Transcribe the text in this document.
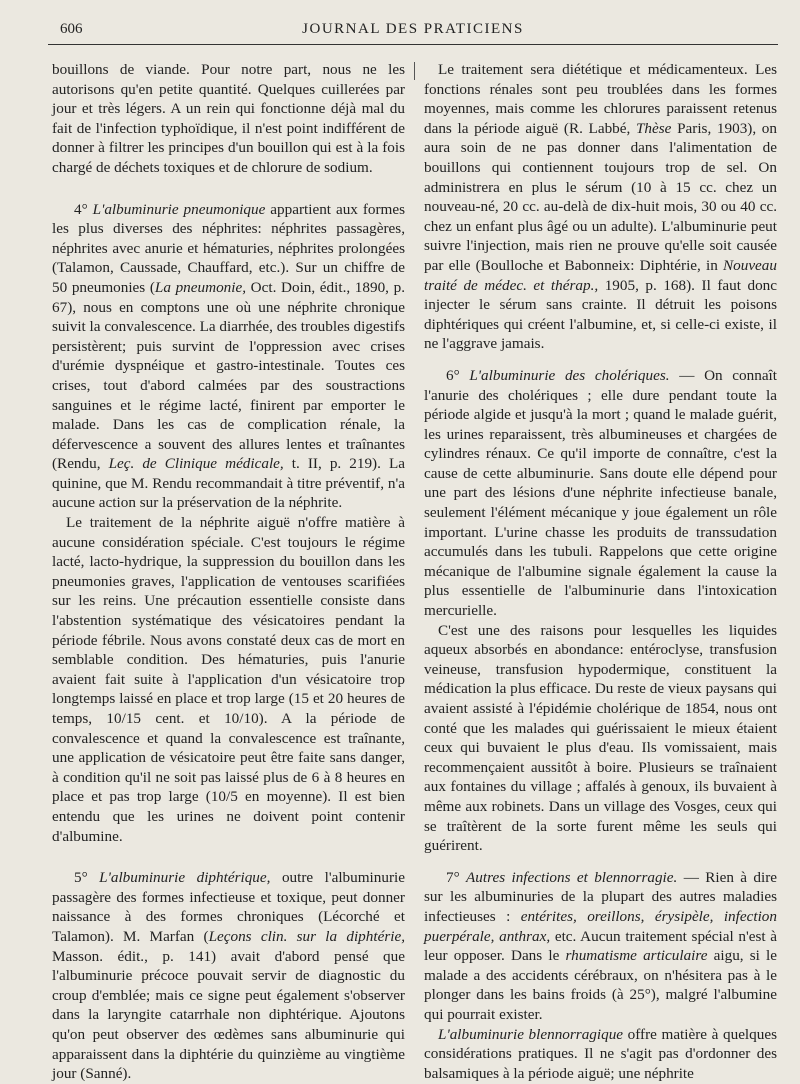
606	JOURNAL DES PRATICIENS

bouillons de viande. Pour notre part, nous ne les autorisons qu'en petite quantité. Quelques cuillerées par jour et très légers. A un rein qui fonctionne déjà mal du fait de l'infection typhoïdique, il n'est point indifférent de donner à filtrer les principes d'un bouillon qui est à la fois chargé de déchets toxiques et de chlorure de sodium.

4° L'albuminurie pneumonique appartient aux formes les plus diverses des néphrites: néphrites passagères, néphrites avec anurie et hématuries, néphrites prolongées (Talamon, Caussade, Chauffard, etc.). Sur un chiffre de 50 pneumonies (La pneumonie, Oct. Doin, édit., 1890, p. 67), nous en comptons une où une néphrite chronique suivit la convalescence. La diarrhée, des troubles digestifs persistèrent; puis survint de l'oppression avec crises d'urémie dyspnéique et gastro-intestinale. Toutes ces crises, tout d'abord calmées par des soustractions sanguines et le régime lacté, finirent par emporter le malade. Dans les cas de complication rénale, la défervescence a souvent des allures lentes et traînantes (Rendu, Leç. de Clinique médicale, t. II, p. 219). La quinine, que M. Rendu recommandait à titre préventif, n'a aucune action sur la préservation de la néphrite.

Le traitement de la néphrite aiguë n'offre matière à aucune considération spéciale. C'est toujours le régime lacté, lacto-hydrique, la suppression du bouillon dans les pneumonies graves, l'application de ventouses scarifiées sur les reins. Une précaution essentielle consiste dans l'abstention systématique des vésicatoires pendant la période fébrile. Nous avons constaté deux cas de mort en semblable condition. Des hématuries, puis l'anurie avaient fait suite à l'application d'un vésicatoire trop longtemps laissé en place et trop large (15 et 20 heures de temps, 10/15 cent. et 10/10). A la période de convalescence et quand la convalescence est traînante, une application de vésicatoire peut être faite sans danger, à condition qu'il ne soit pas laissé plus de 6 à 8 heures en place et pas trop large (10/5 en moyenne). Il est bien entendu que les urines ne doivent point contenir d'albumine.

5° L'albuminurie diphtérique, outre l'albuminurie passagère des formes infectieuse et toxique, peut donner naissance à des formes chroniques (Lécorché et Talamon). M. Marfan (Leçons clin. sur la diphtérie, Masson. édit., p. 141) avait d'abord pensé que l'albuminurie précoce pouvait servir de diagnostic du croup d'emblée; mais ce signe peut également s'observer dans la laryngite catarrhale non diphtérique. Ajoutons qu'on peut observer des œdèmes sans albuminurie qui apparaissent dans la diphtérie du quinzième au vingtième jour (Sanné).

Le traitement sera diététique et médicamenteux. Les fonctions rénales sont peu troublées dans les formes moyennes, mais comme les chlorures paraissent retenus dans la période aiguë (R. Labbé, Thèse Paris, 1903), on aura soin de ne pas donner dans l'alimentation de bouillons qui contiennent toujours trop de sel. On administrera en plus le sérum (10 à 15 cc. chez un nouveau-né, 20 cc. au-delà de dix-huit mois, 30 ou 40 cc. chez un enfant plus âgé ou un adulte). L'albuminurie peut suivre l'injection, mais rien ne prouve qu'elle soit causée par elle (Boulloche et Babonneix: Diphtérie, in Nouveau traité de médec. et thérap., 1905, p. 168). Il faut donc injecter le sérum sans crainte. Il détruit les poisons diphtériques qui créent l'albumine, et, si celle-ci existe, il ne l'aggrave jamais.

6° L'albuminurie des cholériques. — On connaît l'anurie des cholériques ; elle dure pendant toute la période algide et jusqu'à la mort ; quand le malade guérit, les urines reparaissent, très albumineuses et chargées de cylindres rénaux. Ce qu'il importe de connaître, c'est la cause de cette albuminurie. Sans doute elle dépend pour une part des lésions d'une néphrite infectieuse banale, seulement l'élément mécanique y joue également un rôle important. L'urine chasse les produits de transsudation accumulés dans les tubuli. Rappelons que cette origine mécanique de l'albumine signale également la cause la plus essentielle de l'albuminurie dans l'intoxication mercurielle.

C'est une des raisons pour lesquelles les liquides aqueux absorbés en abondance: entéroclyse, transfusion veineuse, transfusion hypodermique, constituent la médication la plus efficace. Du reste de vieux paysans qui avaient assisté à l'épidémie cholérique de 1854, nous ont conté que les malades qui guérissaient le mieux étaient ceux qui buvaient le plus d'eau. Ils vomissaient, mais recommençaient aussitôt à boire. Plusieurs se traînaient aux fontaines du village ; affalés à genoux, ils buvaient à même aux robinets. Dans un village des Vosges, ceux qui se traîtèrent de la sorte furent même les seuls qui guérirent.

7° Autres infections et blennorragie. — Rien à dire sur les albuminuries de la plupart des autres maladies infectieuses : entérites, oreillons, érysipèle, infection puerpérale, anthrax, etc. Aucun traitement spécial n'est à leur opposer. Dans le rhumatisme articulaire aigu, si le malade a des accidents cérébraux, on n'hésitera pas à le plonger dans les bains froids (à 25°), malgré l'albumine qui pourrait exister.

L'albuminurie blennorragique offre matière à quelques considérations pratiques. Il ne s'agit pas d'ordonner des balsamiques à la période aiguë; une néphrite
